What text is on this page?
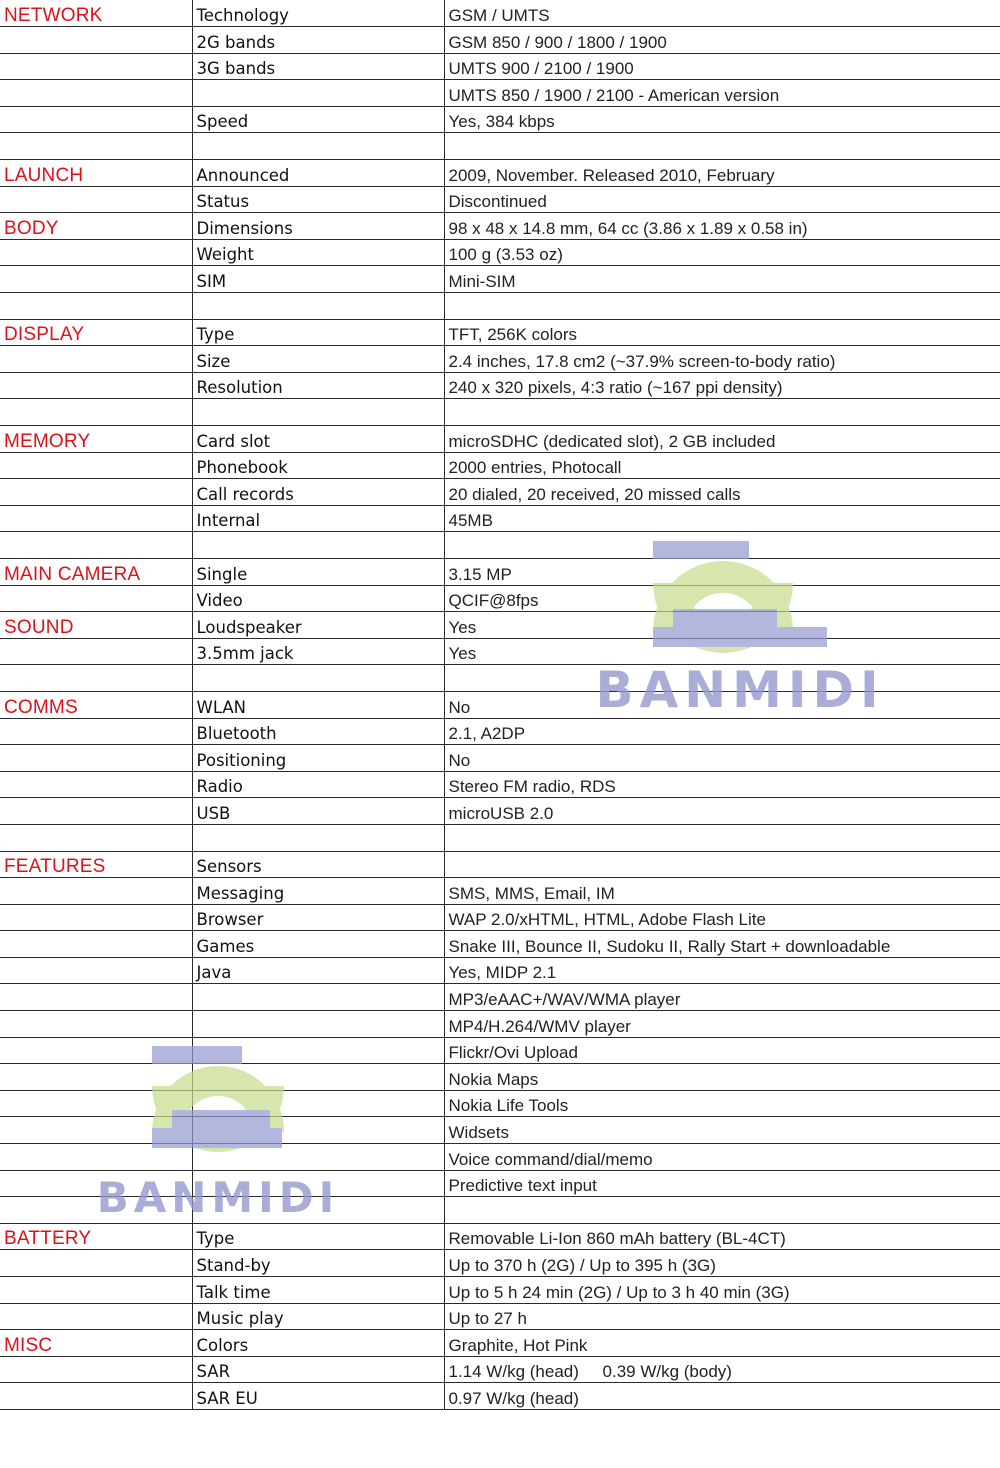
NETWORK	Technology	GSM / UMTS
	2G bands	GSM 850 / 900 / 1800 / 1900
	3G bands	UMTS 900 / 2100 / 1900
		UMTS 850 / 1900 / 2100 - American version
	Speed	Yes, 384 kbps

LAUNCH	Announced	2009, November. Released 2010, February
	Status	Discontinued
BODY	Dimensions	98 x 48 x 14.8 mm, 64 cc (3.86 x 1.89 x 0.58 in)
	Weight	100 g (3.53 oz)
	SIM	Mini-SIM

DISPLAY	Type	TFT, 256K colors
	Size	2.4 inches, 17.8 cm2 (~37.9% screen-to-body ratio)
	Resolution	240 x 320 pixels, 4:3 ratio (~167 ppi density)

MEMORY	Card slot	microSDHC (dedicated slot), 2 GB included
	Phonebook	2000 entries, Photocall
	Call records	20 dialed, 20 received, 20 missed calls
	Internal	45MB

MAIN CAMERA	Single	3.15 MP
	Video	QCIF@8fps
SOUND	Loudspeaker	Yes
	3.5mm jack	Yes

COMMS	WLAN	No
	Bluetooth	2.1, A2DP
	Positioning	No
	Radio	Stereo FM radio, RDS
	USB	microUSB 2.0

FEATURES	Sensors	
	Messaging	SMS, MMS, Email, IM
	Browser	WAP 2.0/xHTML, HTML, Adobe Flash Lite
	Games	Snake III, Bounce II, Sudoku II, Rally Start + downloadable
	Java	Yes, MIDP 2.1
		MP3/eAAC+/WAV/WMA player
		MP4/H.264/WMV player
		Flickr/Ovi Upload
		Nokia Maps
		Nokia Life Tools
		Widsets
		Voice command/dial/memo
		Predictive text input

BATTERY	Type	Removable Li-Ion 860 mAh battery (BL-4CT)
	Stand-by	Up to 370 h (2G) / Up to 395 h (3G)
	Talk time	Up to 5 h 24 min (2G) / Up to 3 h 40 min (3G)
	Music play	Up to 27 h
MISC	Colors	Graphite, Hot Pink
	SAR	1.14 W/kg (head)     0.39 W/kg (body)
	SAR EU	0.97 W/kg (head)
BANMIDI
BANMIDI
